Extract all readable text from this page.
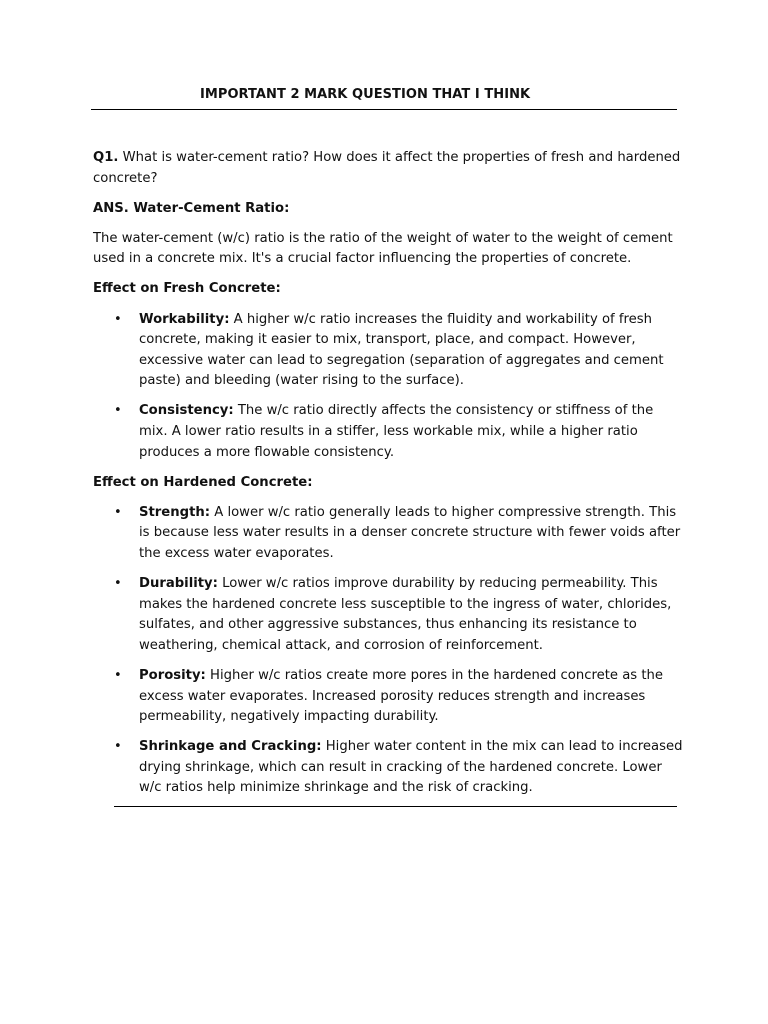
IMPORTANT 2 MARK QUESTION THAT I THINK

Q1. What is water-cement ratio? How does it affect the properties of fresh and hardened concrete?

ANS. Water-Cement Ratio:

The water-cement (w/c) ratio is the ratio of the weight of water to the weight of cement used in a concrete mix. It's a crucial factor influencing the properties of concrete.

Effect on Fresh Concrete:

• Workability: A higher w/c ratio increases the fluidity and workability of fresh concrete, making it easier to mix, transport, place, and compact. However, excessive water can lead to segregation (separation of aggregates and cement paste) and bleeding (water rising to the surface).
• Consistency: The w/c ratio directly affects the consistency or stiffness of the mix. A lower ratio results in a stiffer, less workable mix, while a higher ratio produces a more flowable consistency.

Effect on Hardened Concrete:

• Strength: A lower w/c ratio generally leads to higher compressive strength. This is because less water results in a denser concrete structure with fewer voids after the excess water evaporates.
• Durability: Lower w/c ratios improve durability by reducing permeability. This makes the hardened concrete less susceptible to the ingress of water, chlorides, sulfates, and other aggressive substances, thus enhancing its resistance to weathering, chemical attack, and corrosion of reinforcement.
• Porosity: Higher w/c ratios create more pores in the hardened concrete as the excess water evaporates. Increased porosity reduces strength and increases permeability, negatively impacting durability.
• Shrinkage and Cracking: Higher water content in the mix can lead to increased drying shrinkage, which can result in cracking of the hardened concrete. Lower w/c ratios help minimize shrinkage and the risk of cracking.
